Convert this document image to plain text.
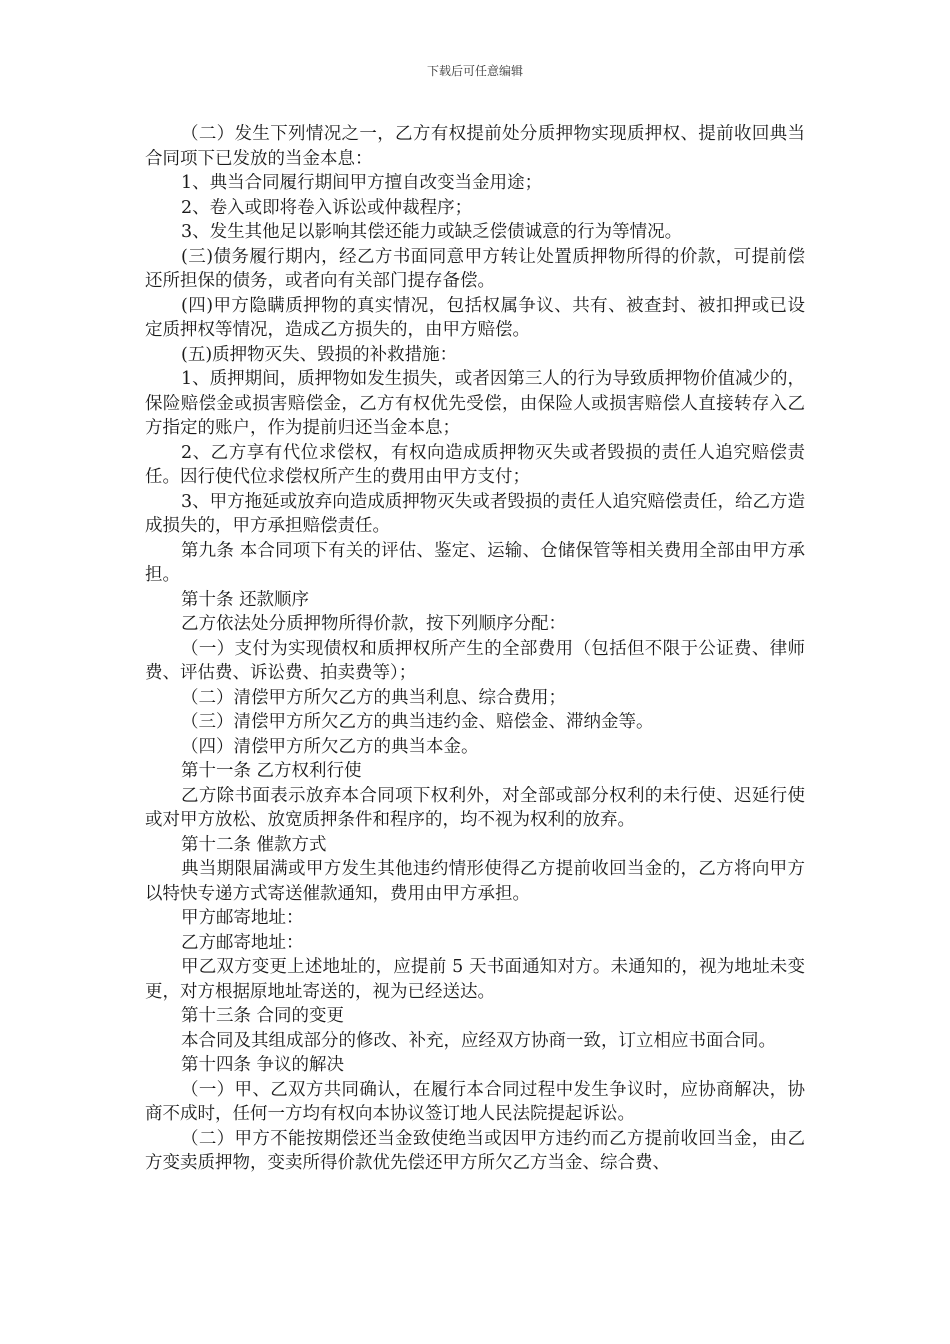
下载后可任意编辑

（二）发生下列情况之一，乙方有权提前处分质押物实现质押权、提前收回典当合同项下已发放的当金本息：

1、典当合同履行期间甲方擅自改变当金用途；

2、卷入或即将卷入诉讼或仲裁程序；

3、发生其他足以影响其偿还能力或缺乏偿债诚意的行为等情况。

(三)债务履行期内，经乙方书面同意甲方转让处置质押物所得的价款，可提前偿还所担保的债务，或者向有关部门提存备偿。

(四)甲方隐瞒质押物的真实情况，包括权属争议、共有、被查封、被扣押或已设定质押权等情况，造成乙方损失的，由甲方赔偿。

(五)质押物灭失、毁损的补救措施：

1、质押期间，质押物如发生损失，或者因第三人的行为导致质押物价值减少的，保险赔偿金或损害赔偿金，乙方有权优先受偿，由保险人或损害赔偿人直接转存入乙方指定的账户，作为提前归还当金本息；

2、乙方享有代位求偿权，有权向造成质押物灭失或者毁损的责任人追究赔偿责任。因行使代位求偿权所产生的费用由甲方支付；

3、甲方拖延或放弃向造成质押物灭失或者毁损的责任人追究赔偿责任，给乙方造成损失的，甲方承担赔偿责任。

第九条 本合同项下有关的评估、鉴定、运输、仓储保管等相关费用全部由甲方承担。

第十条 还款顺序

乙方依法处分质押物所得价款，按下列顺序分配：

（一）支付为实现债权和质押权所产生的全部费用（包括但不限于公证费、律师费、评估费、诉讼费、拍卖费等）；

（二）清偿甲方所欠乙方的典当利息、综合费用；

（三）清偿甲方所欠乙方的典当违约金、赔偿金、滞纳金等。

（四）清偿甲方所欠乙方的典当本金。

第十一条 乙方权利行使

乙方除书面表示放弃本合同项下权利外，对全部或部分权利的未行使、迟延行使或对甲方放松、放宽质押条件和程序的，均不视为权利的放弃。

第十二条 催款方式

典当期限届满或甲方发生其他违约情形使得乙方提前收回当金的，乙方将向甲方以特快专递方式寄送催款通知，费用由甲方承担。

甲方邮寄地址：

乙方邮寄地址：

甲乙双方变更上述地址的，应提前 5 天书面通知对方。未通知的，视为地址未变更，对方根据原地址寄送的，视为已经送达。

第十三条 合同的变更

本合同及其组成部分的修改、补充，应经双方协商一致，订立相应书面合同。

第十四条 争议的解决

（一）甲、乙双方共同确认，在履行本合同过程中发生争议时，应协商解决，协商不成时，任何一方均有权向本协议签订地人民法院提起诉讼。

（二）甲方不能按期偿还当金致使绝当或因甲方违约而乙方提前收回当金，由乙方变卖质押物，变卖所得价款优先偿还甲方所欠乙方当金、综合费、
